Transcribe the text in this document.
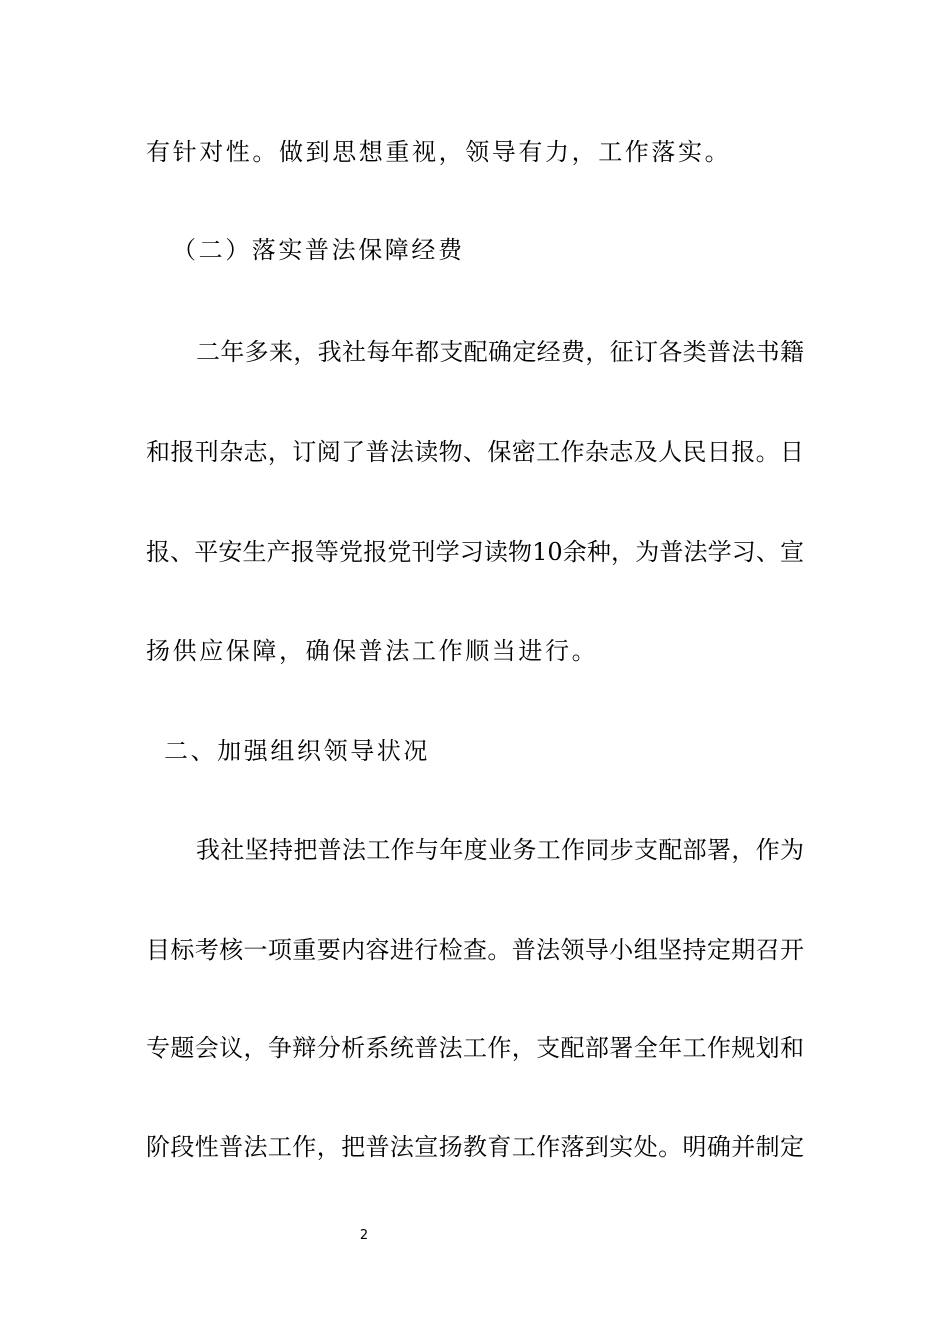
有针对性。做到思想重视，领导有力，工作落实。
（二）落实普法保障经费
二年多来，我社每年都支配确定经费，征订各类普法书籍
和报刊杂志，订阅了普法读物、保密工作杂志及人民日报。日
报、平安生产报等党报党刊学习读物10余种，为普法学习、宣
扬供应保障，确保普法工作顺当进行。
二、加强组织领导状况
我社坚持把普法工作与年度业务工作同步支配部署，作为
目标考核一项重要内容进行检查。普法领导小组坚持定期召开
专题会议，争辩分析系统普法工作，支配部署全年工作规划和
阶段性普法工作，把普法宣扬教育工作落到实处。明确并制定
2
